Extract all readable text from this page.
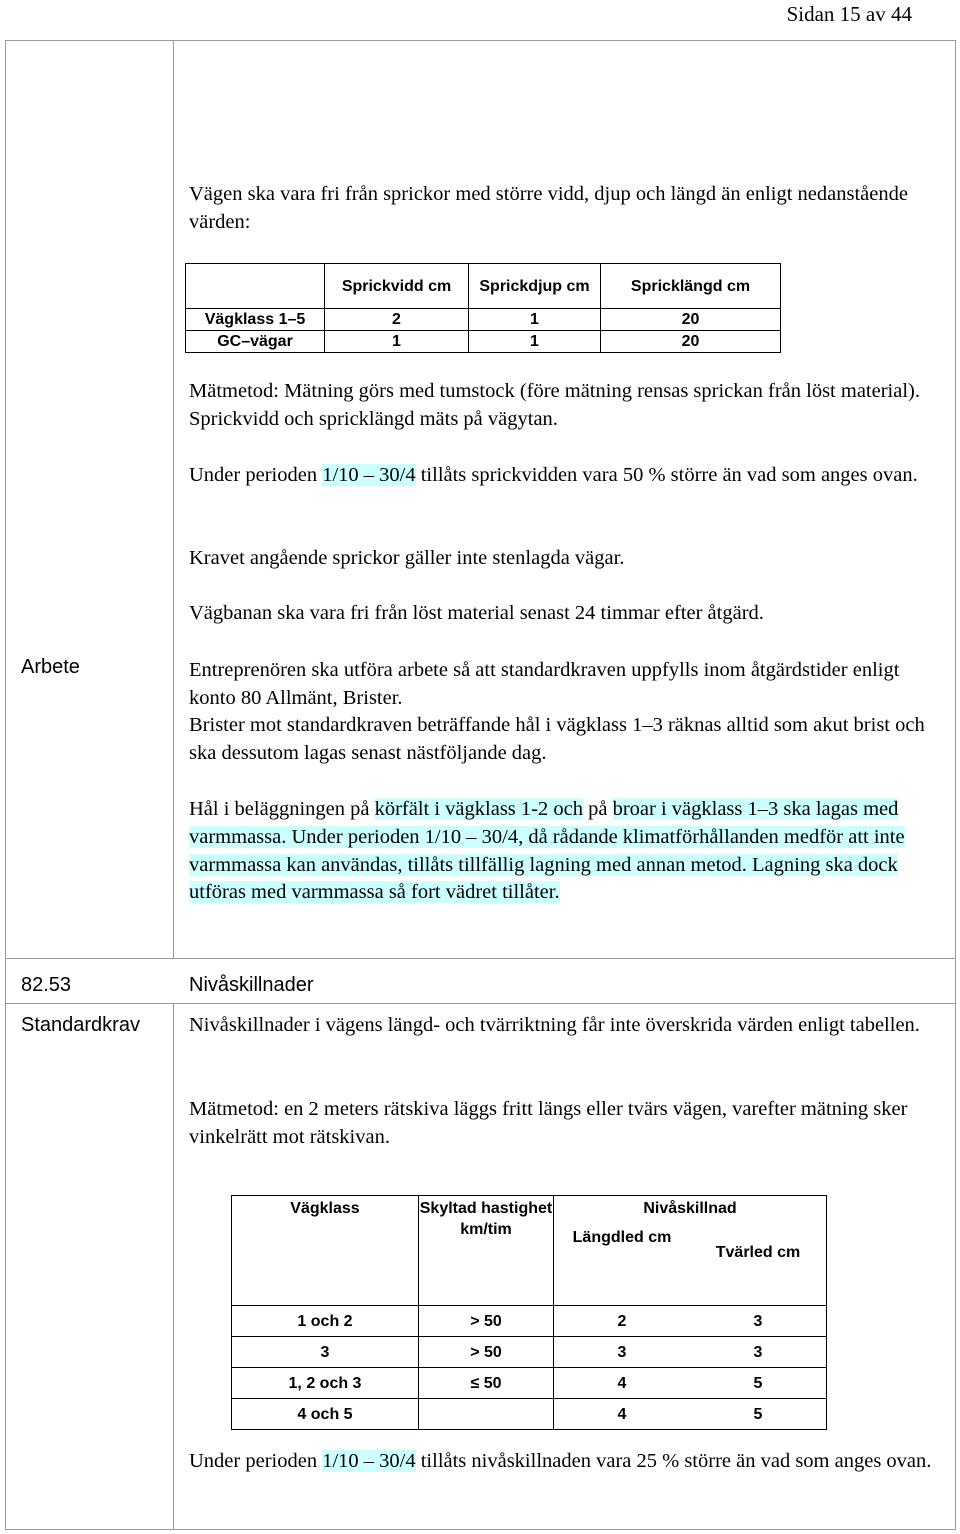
Sidan 15 av 44
Vägen ska vara fri från sprickor med större vidd, djup och längd än enligt nedanstående värden:
	Sprickvidd cm	Sprickdjup cm	Spricklängd cm
Vägklass 1–5	2	1	20
GC–vägar	1	1	20
Mätmetod: Mätning görs med tumstock (före mätning rensas sprickan från löst material). Sprickvidd och spricklängd mäts på vägytan.
Under perioden 1/10 – 30/4 tillåts sprickvidden vara 50 % större än vad som anges ovan.
Kravet angående sprickor gäller inte stenlagda vägar.
Vägbanan ska vara fri från löst material senast 24 timmar efter åtgärd.
Arbete	Entreprenören ska utföra arbete så att standardkraven uppfylls inom åtgärdstider enligt konto 80 Allmänt, Brister.
Brister mot standardkraven beträffande hål i vägklass 1–3 räknas alltid som akut brist och ska dessutom lagas senast nästföljande dag.
Hål i beläggningen på körfält i vägklass 1-2 och på broar i vägklass 1–3 ska lagas med varmmassa. Under perioden 1/10 – 30/4, då rådande klimatförhållanden medför att inte varmmassa kan användas, tillåts tillfällig lagning med annan metod. Lagning ska dock utföras med varmmassa så fort vädret tillåter.
82.53	Nivåskillnader
Standardkrav Nivåskillnader i vägens längd- och tvärriktning får inte överskrida värden enligt tabellen.
Mätmetod: en 2 meters rätskiva läggs fritt längs eller tvärs vägen, varefter mätning sker vinkelrätt mot rätskivan.
Vägklass	Skyltad hastighet km/tim	Nivåskillnad	
		Längdled cm	Tvärled cm

1 och 2	> 50	2	3
3	> 50	3	3
1, 2 och 3	≤ 50	4	5
4 och 5		4	5
Under perioden 1/10 – 30/4 tillåts nivåskillnaden vara 25 % större än vad som anges ovan.
